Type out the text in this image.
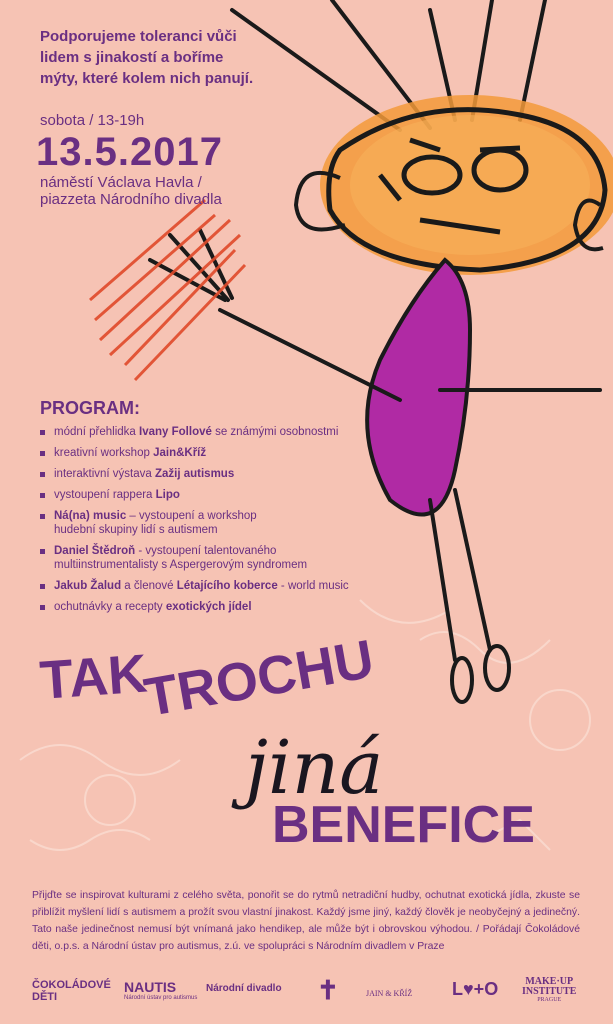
Podporujeme toleranci vůči
lidem s jinakostí a boříme
mýty, které kolem nich panují.
sobota / 13-19h
13.5.2017
náměstí Václava Havla /
piazzeta Národního divadla
PROGRAM:
módní přehlidka Ivany Follové se známými osobnostmi
kreativní workshop Jain&Kříž
interaktivní výstava Zažij autismus
vystoupení rappera Lipo
Ná(na) music – vystoupení a workshop
hudební skupiny lidí s autismem
Daniel Štědroň - vystoupení talentovaného
multiinstrumentalisty s Aspergerovým syndromem
Jakub Žalud a členové Létajícího koberce - world music
ochutnávky a recepty exotických jídel
TAK
TROCHU
jiná
BENEFICE
Přijďte se inspirovat kulturami z celého světa, ponořit se do rytmů netradiční hudby, ochutnat exotická jídla, zkuste se přiblížit myšlení lidí s autismem a prožít svou vlastní jinakost. Každý jsme jiný, každý člověk je neobyčejný a jedinečný. Tato naše jedinečnost nemusí být vnímaná jako hendikep, ale může být i obrovskou výhodou. / Pořádají Čokoládové děti, o.p.s. a Národní ústav pro autismus, z.ú. ve spolupráci s Národním divadlem v Praze
ČOKOLÁDOVÉ
DĚTI
NAUTIS
Národní ústav pro autismus
Národní divadlo ✝	JAIN & KŘÍŽ L♥+O	MAKE·UP
INSTITUTE
PRAGUE
